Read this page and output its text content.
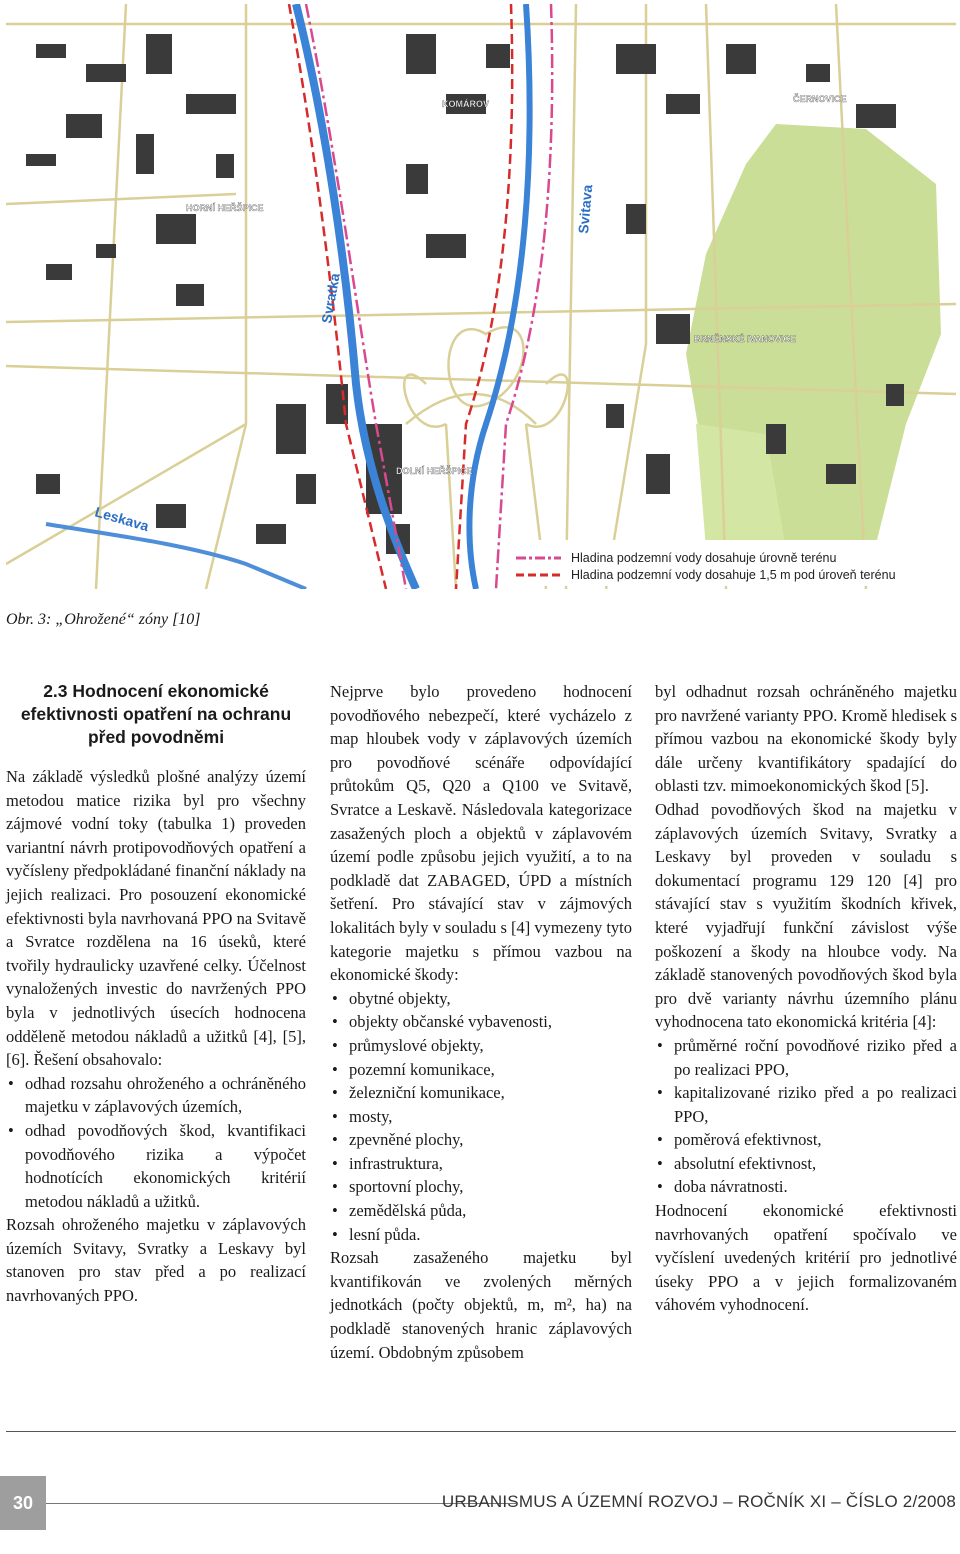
KOMÁROV	ČERNOVICE
HORNÍ HEŘŠPICE
BRNĚNSKÉ IVANOVICE
DOLNÍ HEŘŠPICE
Svratka
Svitava
Leskava
Hladina podzemní vody dosahuje úrovně terénu
Hladina podzemní vody dosahuje 1,5 m pod úroveň terénu
Obr. 3: „Ohrožené“ zóny [10]
2.3 Hodnocení ekonomické efektivnosti opatření na ochranu před povodněmi

Na základě výsledků plošné analýzy území metodou matice rizika byl pro všechny zájmové vodní toky (tabulka 1) proveden variantní návrh protipovodňových opatření a vyčísleny předpokládané finanční náklady na jejich realizaci. Pro posouzení ekonomické efektivnosti byla navrhovaná PPO na Svitavě a Svratce rozdělena na 16 úseků, které tvořily hydraulicky uzavřené celky. Účelnost vynaložených investic do navržených PPO byla v jednotlivých úsecích hodnocena odděleně metodou nákladů a užitků [4], [5], [6]. Řešení obsahovalo:

• odhad rozsahu ohroženého a ochráněného majetku v záplavových územích,
• odhad povodňových škod, kvantifikaci povodňového rizika a výpočet hodnotících ekonomických kritérií metodou nákladů a užitků.

Rozsah ohroženého majetku v záplavových územích Svitavy, Svratky a Leskavy byl stanoven pro stav před a po realizací navrhovaných PPO.

Nejprve bylo provedeno hodnocení povodňového nebezpečí, které vycházelo z map hloubek vody v záplavových územích pro povodňové scénáře odpovídající průtokům Q5, Q20 a Q100 ve Svitavě, Svratce a Leskavě. Následovala kategorizace zasažených ploch a objektů v záplavovém území podle způsobu jejich využití, a to na podkladě dat ZABAGED, ÚPD a místních šetření. Pro stávající stav v zájmových lokalitách byly v souladu s [4] vymezeny tyto kategorie majetku s přímou vazbou na ekonomické škody:

• obytné objekty,
• objekty občanské vybavenosti,
• průmyslové objekty,
• pozemní komunikace,
• železniční komunikace,
• mosty,
• zpevněné plochy,
• infrastruktura,
• sportovní plochy,
• zemědělská půda,
• lesní půda.

Rozsah zasaženého majetku byl kvantifikován ve zvolených měrných jednotkách (počty objektů, m, m², ha) na podkladě stanovených hranic záplavových území. Obdobným způsobem

byl odhadnut rozsah ochráněného majetku pro navržené varianty PPO. Kromě hledisek s přímou vazbou na ekonomické škody byly dále určeny kvantifikátory spadající do oblasti tzv. mimoekonomických škod [5].

Odhad povodňových škod na majetku v záplavových územích Svitavy, Svratky a Leskavy byl proveden v souladu s dokumentací programu 129 120 [4] pro stávající stav s využitím škodních křivek, které vyjadřují funkční závislost výše poškození a škody na hloubce vody. Na základě stanovených povodňových škod byla pro dvě varianty návrhu územního plánu vyhodnocena tato ekonomická kritéria [4]:

• průměrné roční povodňové riziko před a po realizaci PPO,
• kapitalizované riziko před a po realizaci PPO,
• poměrová efektivnost,
• absolutní efektivnost,
• doba návratnosti.

Hodnocení ekonomické efektivnosti navrhovaných opatření spočívalo ve vyčíslení uvedených kritérií pro jednotlivé úseky PPO a v jejich formalizovaném váhovém vyhodnocení.

30	URBANISMUS A ÚZEMNÍ ROZVOJ – ROČNÍK XI – ČÍSLO 2/2008
